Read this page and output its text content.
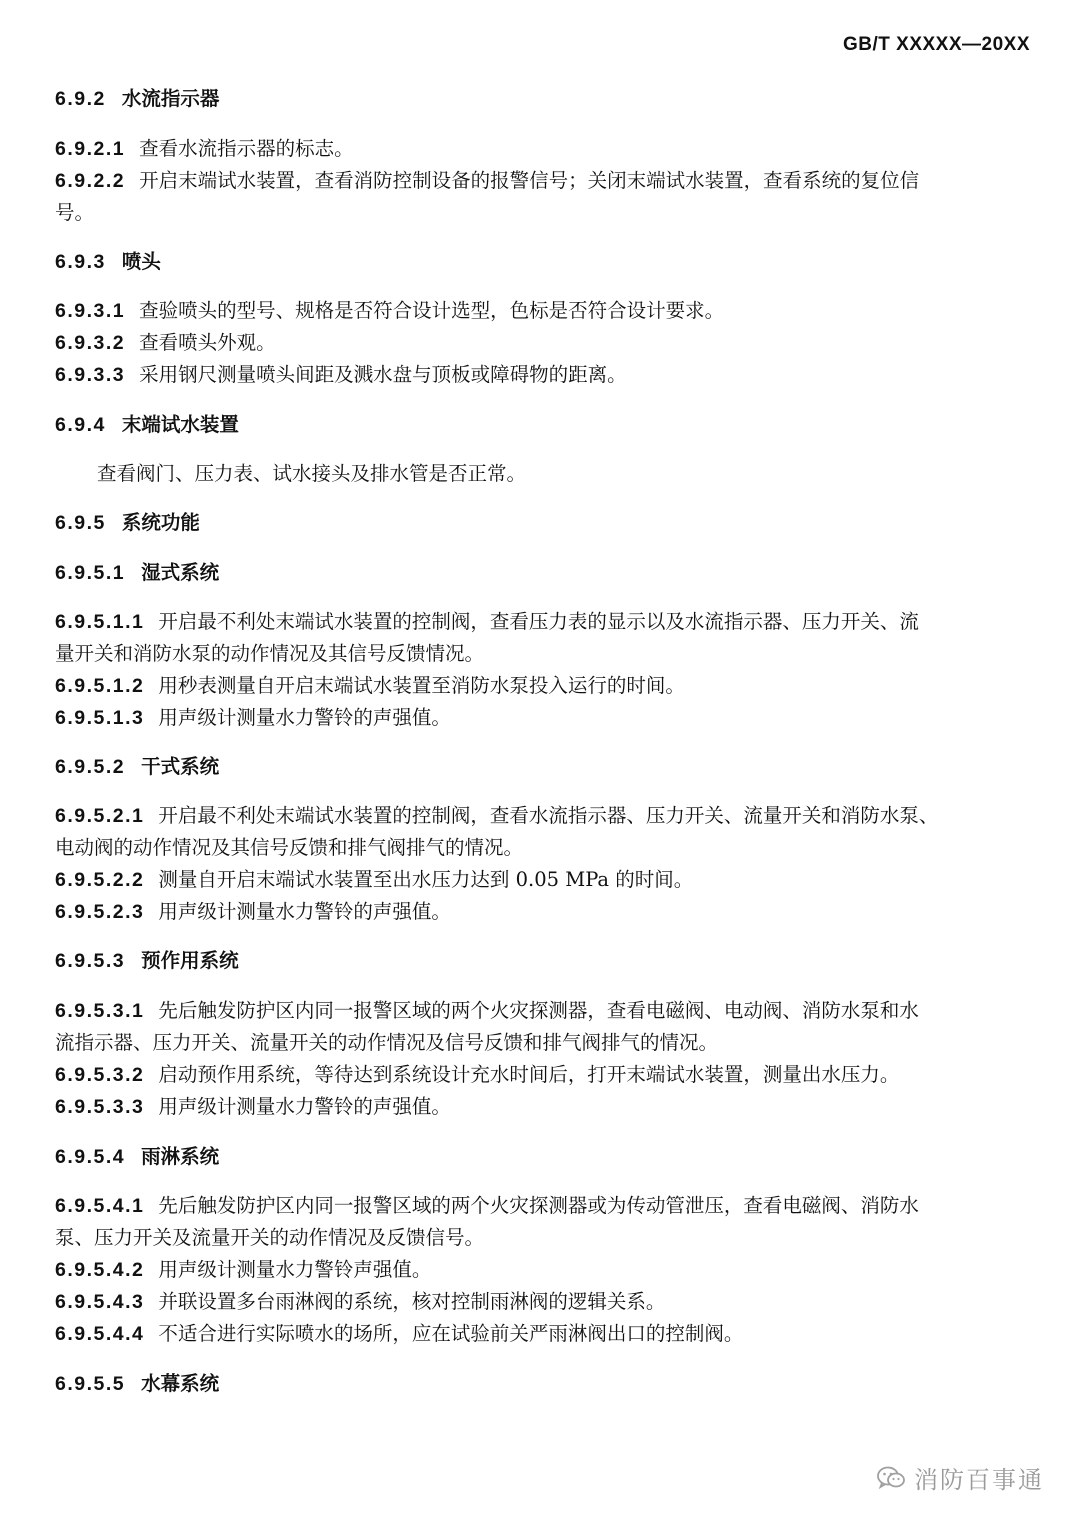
GB/T XXXXX—20XX
6.9.2 水流指示器
6.9.2.1 查看水流指示器的标志。
6.9.2.2 开启末端试水装置，查看消防控制设备的报警信号；关闭末端试水装置，查看系统的复位信
号。
6.9.3 喷头
6.9.3.1 查验喷头的型号、规格是否符合设计选型，色标是否符合设计要求。
6.9.3.2 查看喷头外观。
6.9.3.3 采用钢尺测量喷头间距及溅水盘与顶板或障碍物的距离。
6.9.4 末端试水装置
查看阀门、压力表、试水接头及排水管是否正常。
6.9.5 系统功能
6.9.5.1 湿式系统
6.9.5.1.1 开启最不利处末端试水装置的控制阀，查看压力表的显示以及水流指示器、压力开关、流
量开关和消防水泵的动作情况及其信号反馈情况。
6.9.5.1.2 用秒表测量自开启末端试水装置至消防水泵投入运行的时间。
6.9.5.1.3 用声级计测量水力警铃的声强值。
6.9.5.2 干式系统
6.9.5.2.1 开启最不利处末端试水装置的控制阀，查看水流指示器、压力开关、流量开关和消防水泵、
电动阀的动作情况及其信号反馈和排气阀排气的情况。
6.9.5.2.2 测量自开启末端试水装置至出水压力达到 0.05 MPa 的时间。
6.9.5.2.3 用声级计测量水力警铃的声强值。
6.9.5.3 预作用系统
6.9.5.3.1 先后触发防护区内同一报警区域的两个火灾探测器，查看电磁阀、电动阀、消防水泵和水
流指示器、压力开关、流量开关的动作情况及信号反馈和排气阀排气的情况。
6.9.5.3.2 启动预作用系统，等待达到系统设计充水时间后，打开末端试水装置，测量出水压力。
6.9.5.3.3 用声级计测量水力警铃的声强值。
6.9.5.4 雨淋系统
6.9.5.4.1 先后触发防护区内同一报警区域的两个火灾探测器或为传动管泄压，查看电磁阀、消防水
泵、压力开关及流量开关的动作情况及反馈信号。
6.9.5.4.2 用声级计测量水力警铃声强值。
6.9.5.4.3 并联设置多台雨淋阀的系统，核对控制雨淋阀的逻辑关系。
6.9.5.4.4 不适合进行实际喷水的场所，应在试验前关严雨淋阀出口的控制阀。
6.9.5.5 水幕系统
消防百事通
